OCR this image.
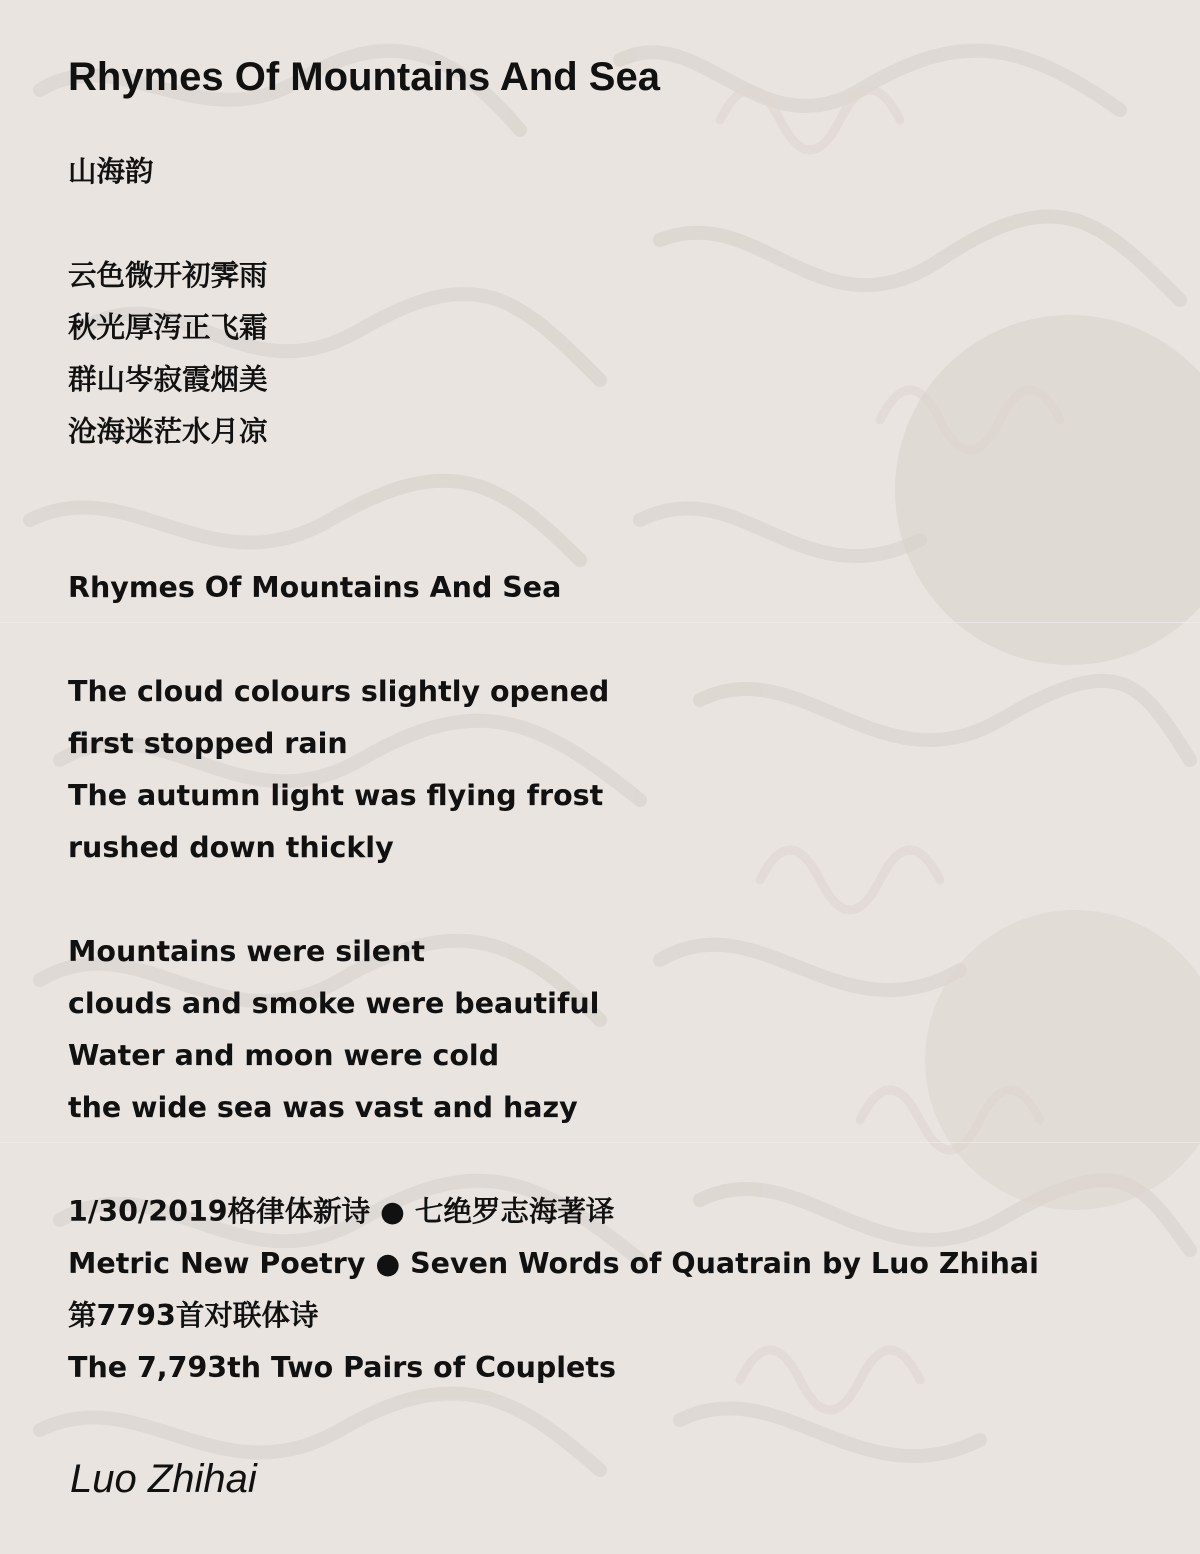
Rhymes Of Mountains And Sea
山海韵
云色微开初霁雨
秋光厚泻正飞霜
群山岑寂霞烟美
沧海迷茫水月凉
Rhymes Of Mountains And Sea
The cloud colours slightly opened
first stopped rain
The autumn light was flying frost
rushed down thickly
Mountains were silent
clouds and smoke were beautiful
Water and moon were cold
the wide sea was vast and hazy
1/30/2019格律体新诗 ● 七绝罗志海著译
Metric New Poetry ● Seven Words of Quatrain by Luo Zhihai
第7793首对联体诗
The 7,793th Two Pairs of Couplets

Luo Zhihai
